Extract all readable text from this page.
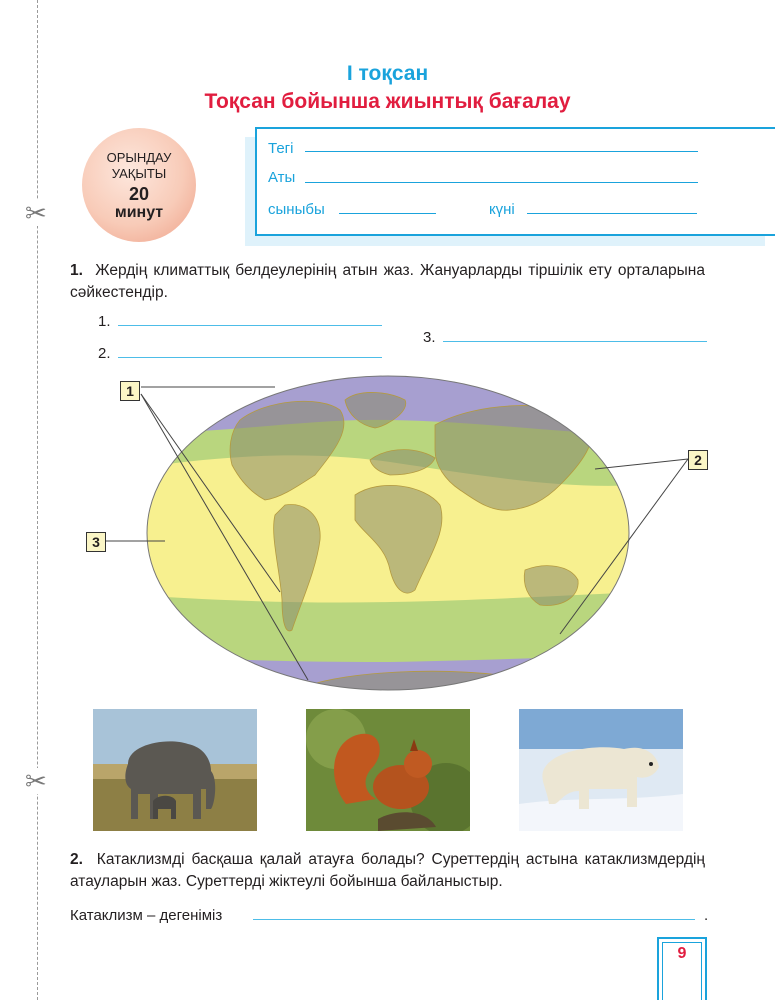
✂
✂
I тоқсан
Тоқсан бойынша жиынтық бағалау
ОРЫНДАУ
УАҚЫТЫ
20
минут
Тегі
Аты
сыныбы	күні
1. Жердің климаттық белдеулерінің атын жаз. Жануарларды тіршілік ету орталарына сәйкестендір.
1.
2.
3.
1
2
3
2. Катаклизмді басқаша қалай атауға болады? Суреттердің астына катаклизмдердің атауларын жаз. Суреттерді жіктеулі бойынша байланыстыр.
Катаклизм – дегеніміз	.
9
